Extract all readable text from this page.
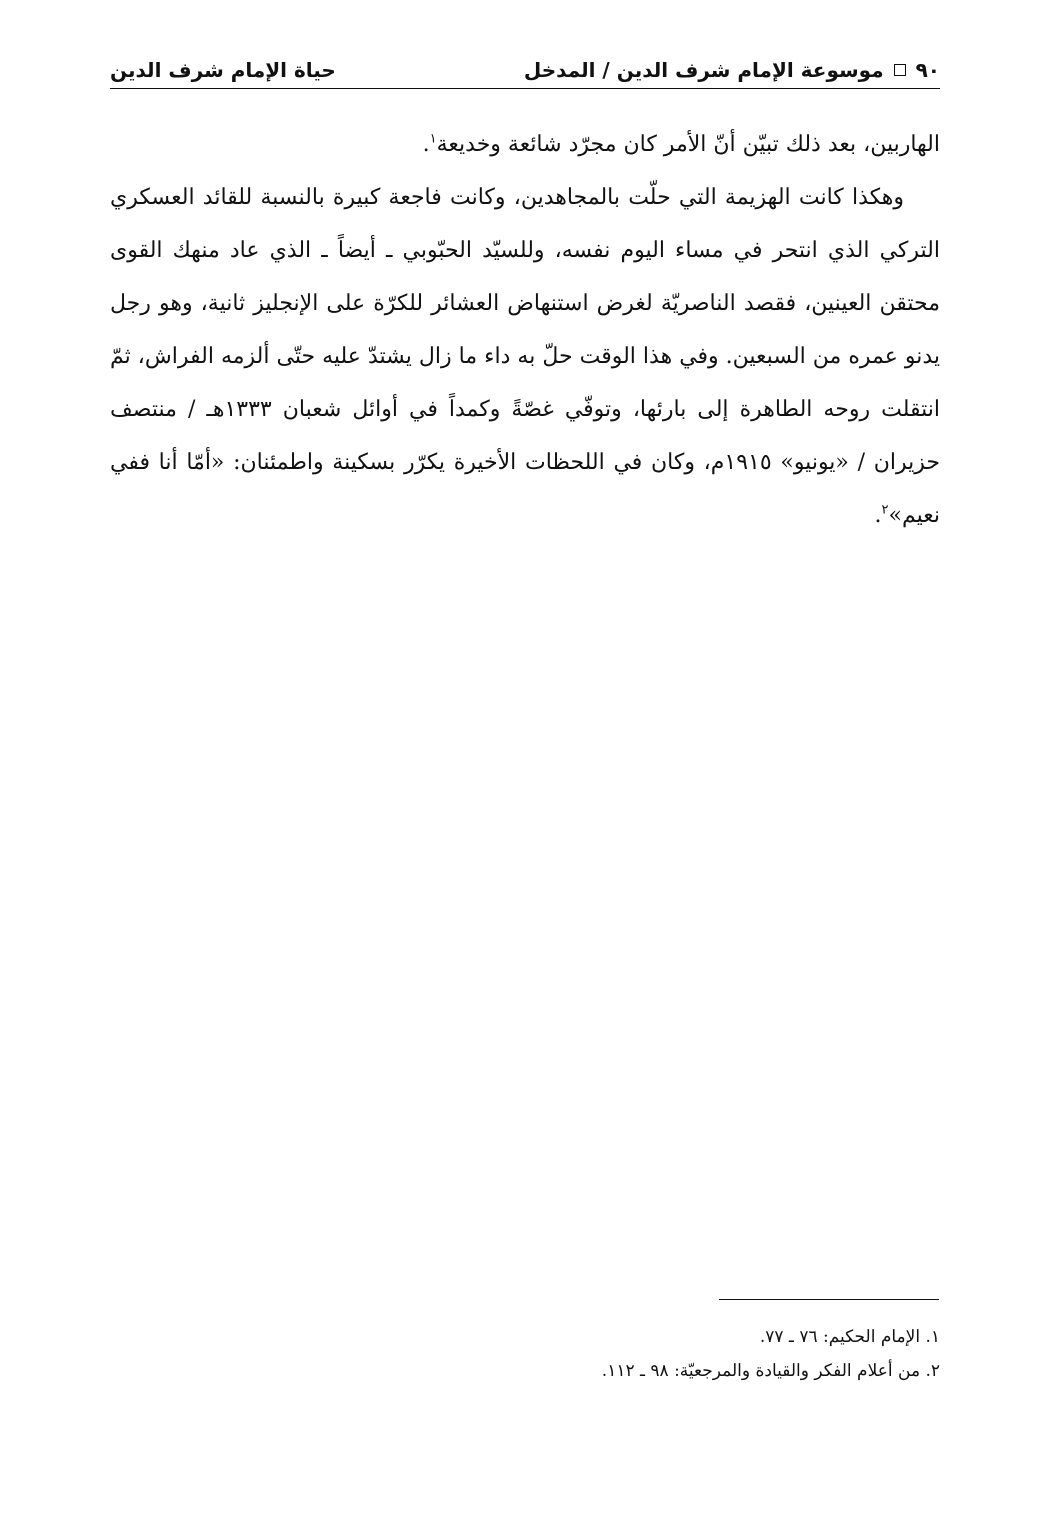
٩٠
موسوعة الإمام شرف الدين / المدخل
حياة الإمام شرف الدين

الهاربين، بعد ذلك تبيّن أنّ الأمر كان مجرّد شائعة وخديعة$^١$.

وهكذا كانت الهزيمة التي حلّت بالمجاهدين، وكانت فاجعة كبيرة بالنسبة للقائد العسكري التركي الذي انتحر في مساء اليوم نفسه، وللسيّد الحبّوبي ـ أيضاً ـ الذي عاد منهك القوى محتقن العينين، فقصد الناصريّة لغرض استنهاض العشائر للكرّة على الإنجليز ثانية، وهو رجل يدنو عمره من السبعين. وفي هذا الوقت حلّ به داء ما زال يشتدّ عليه حتّى ألزمه الفراش، ثمّ انتقلت روحه الطاهرة إلى بارئها، وتوفّي غصّةً وكمداً في أوائل شعبان ١٣٣٣هـ / منتصف حزيران / «يونيو» ١٩١٥م، وكان في اللحظات الأخيرة يكرّر بسكينة واطمئنان: «أمّا أنا ففي نعيم»$^٢$.

١. الإمام الحكيم: ٧٦ ـ ٧٧.

٢. من أعلام الفكر والقيادة والمرجعيّة: ٩٨ ـ ١١٢.
